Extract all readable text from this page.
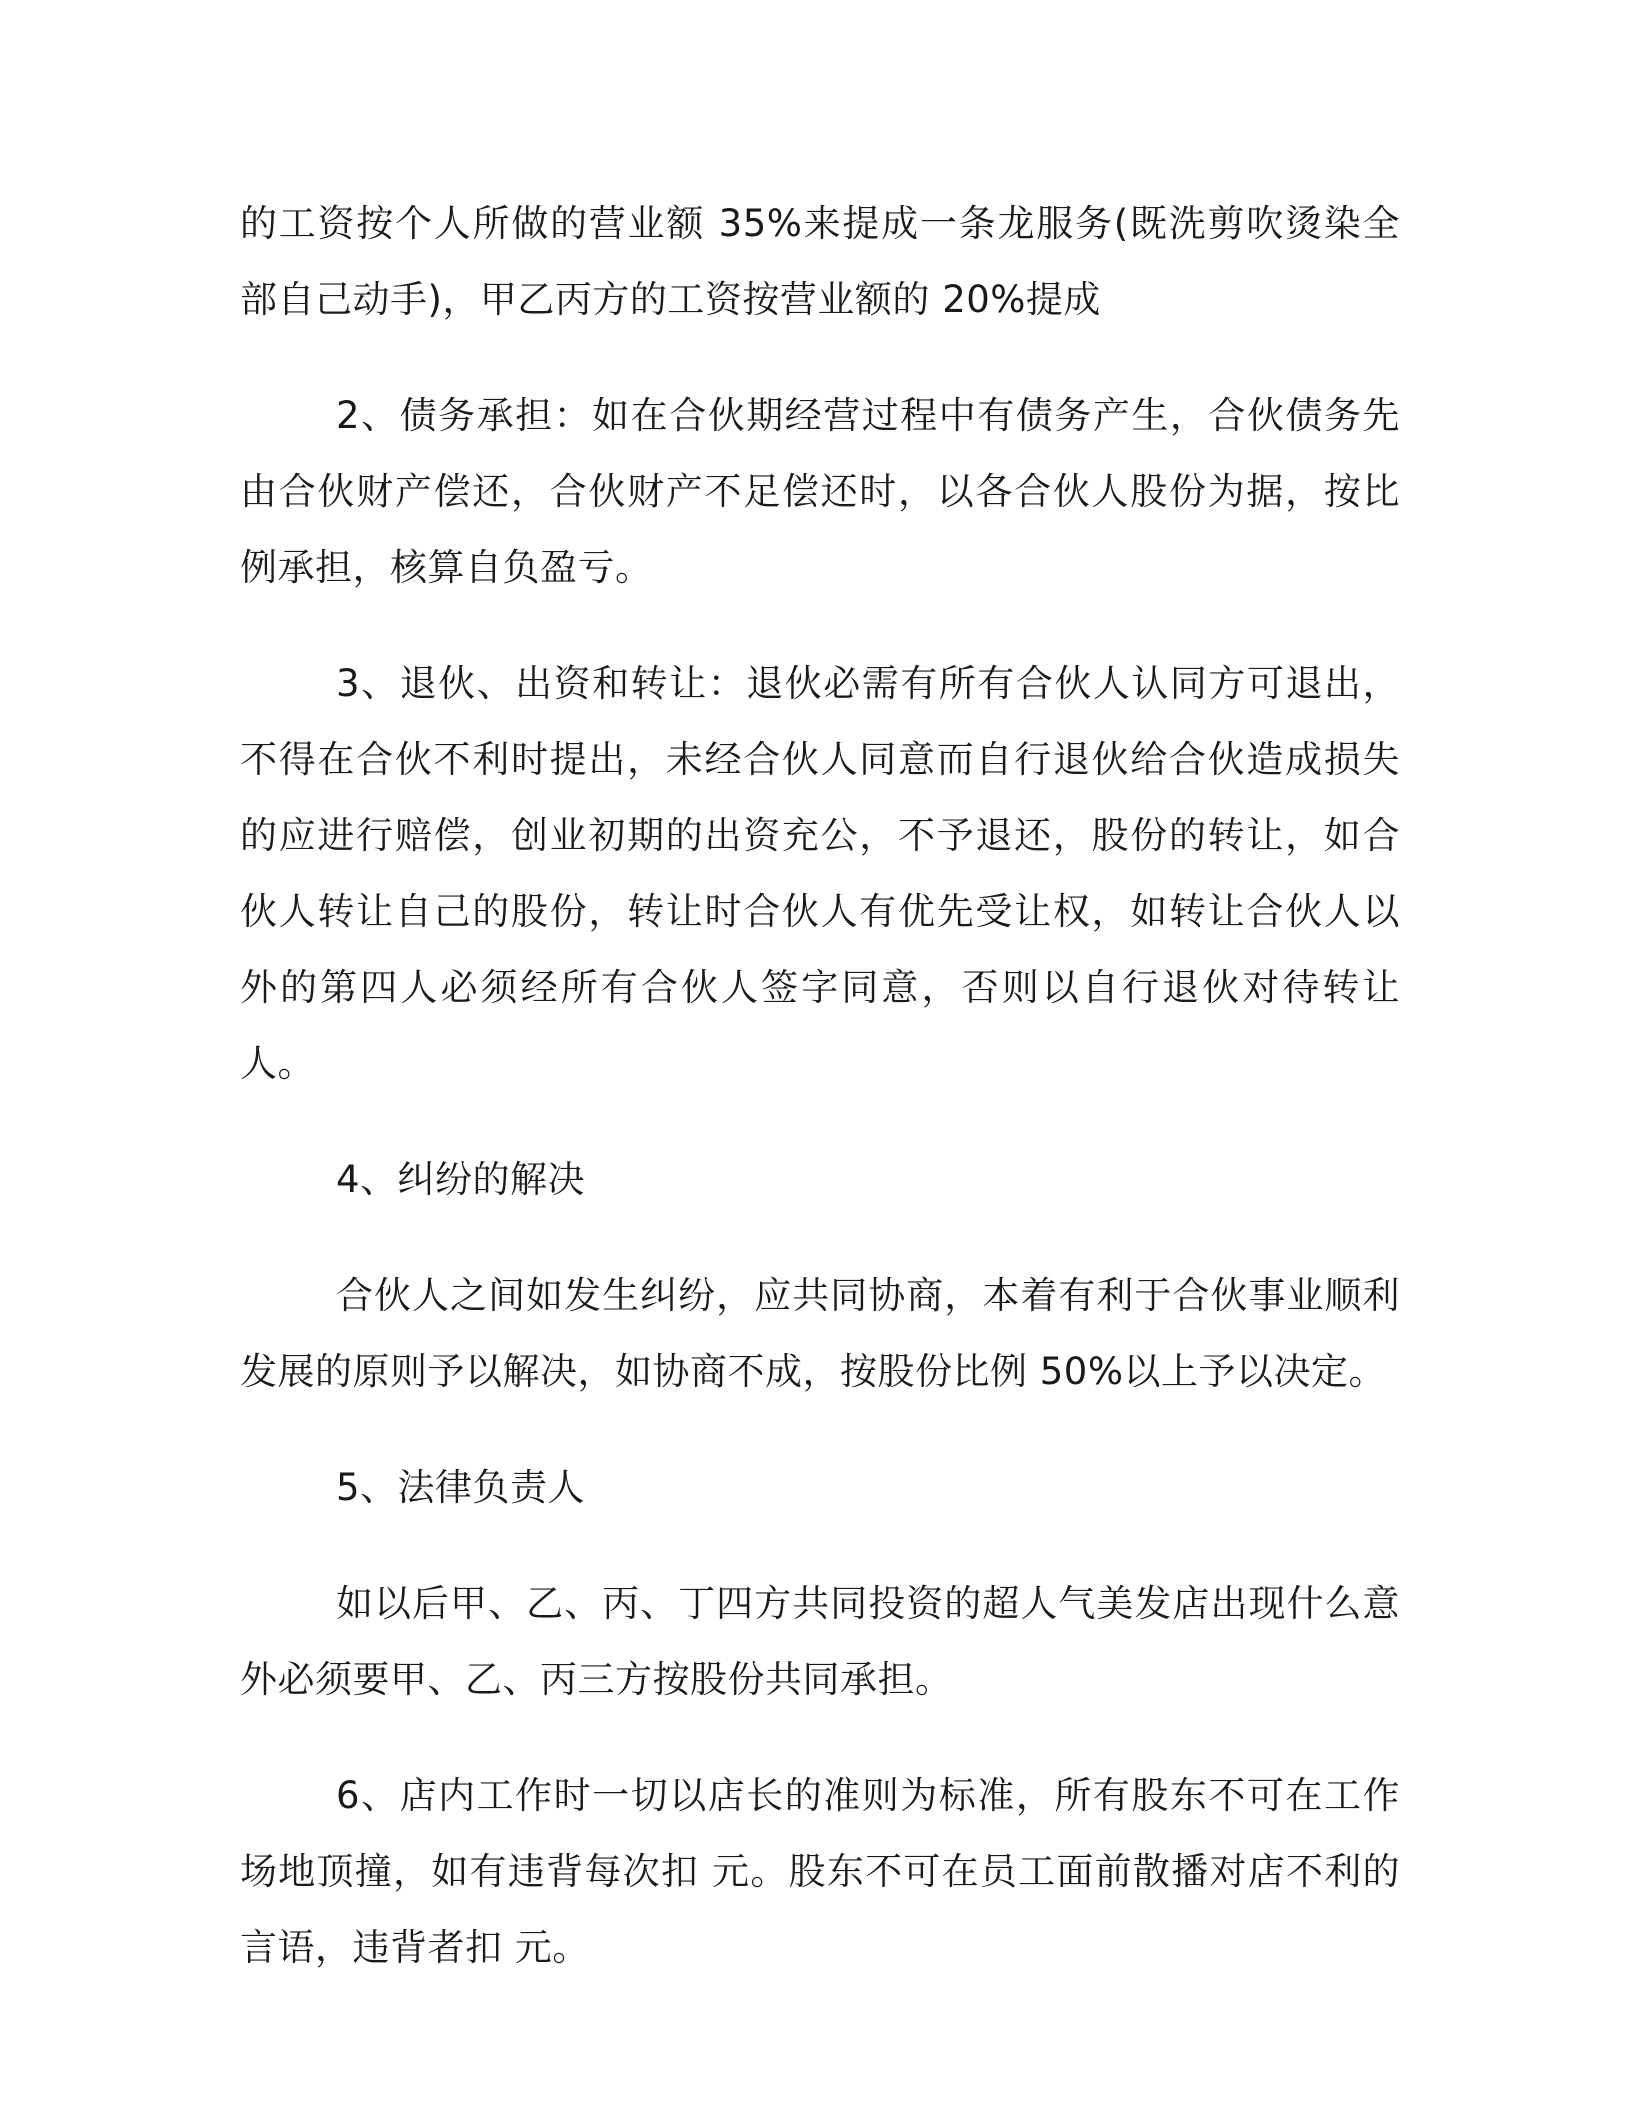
的工资按个人所做的营业额 35%来提成一条龙服务(既洗剪吹烫染全部自己动手)，甲乙丙方的工资按营业额的 20%提成

2、债务承担：如在合伙期经营过程中有债务产生，合伙债务先由合伙财产偿还，合伙财产不足偿还时，以各合伙人股份为据，按比例承担，核算自负盈亏。

3、退伙、出资和转让：退伙必需有所有合伙人认同方可退出，不得在合伙不利时提出，未经合伙人同意而自行退伙给合伙造成损失的应进行赔偿，创业初期的出资充公，不予退还，股份的转让，如合伙人转让自己的股份，转让时合伙人有优先受让权，如转让合伙人以外的第四人必须经所有合伙人签字同意，否则以自行退伙对待转让人。

4、纠纷的解决

合伙人之间如发生纠纷，应共同协商，本着有利于合伙事业顺利发展的原则予以解决，如协商不成，按股份比例 50%以上予以决定。

5、法律负责人

如以后甲、乙、丙、丁四方共同投资的超人气美发店出现什么意外必须要甲、乙、丙三方按股份共同承担。

6、店内工作时一切以店长的准则为标准，所有股东不可在工作场地顶撞，如有违背每次扣 元。股东不可在员工面前散播对店不利的言语，违背者扣 元。
